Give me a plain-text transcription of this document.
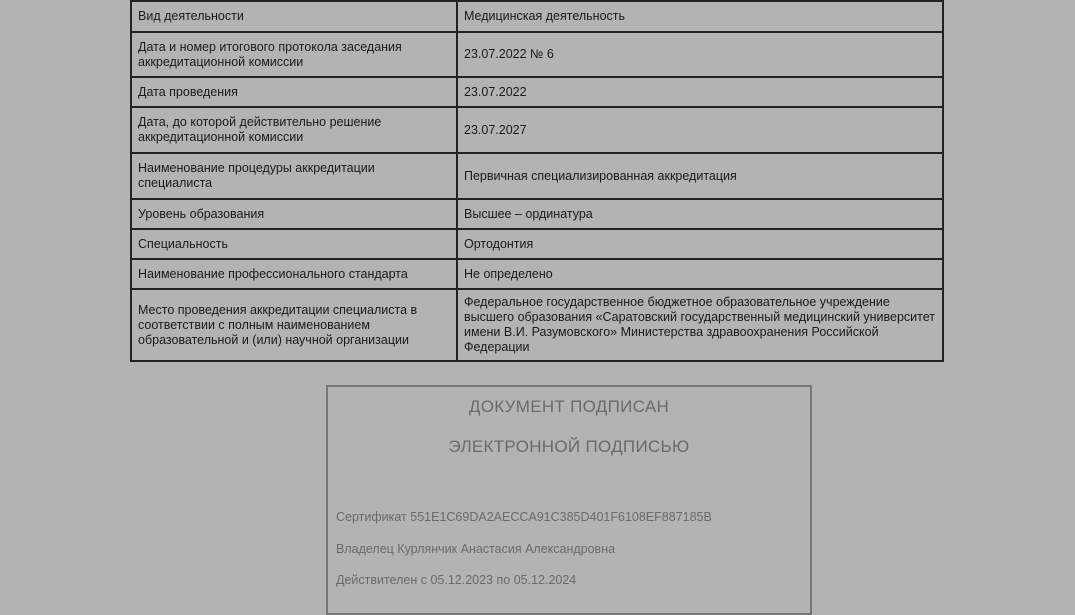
Вид деятельности	Медицинская деятельность
Дата и номер итогового протокола заседания аккредитационной комиссии	23.07.2022 № 6
Дата проведения	23.07.2022
Дата, до которой действительно решение аккредитационной комиссии	23.07.2027
Наименование процедуры аккредитации специалиста	Первичная специализированная аккредитация
Уровень образования	Высшее – ординатура
Специальность	Ортодонтия
Наименование профессионального стандарта	Не определено
Место проведения аккредитации специалиста в соответствии с полным наименованием образовательной и (или) научной организации	Федеральное государственное бюджетное образовательное учреждение высшего образования «Саратовский государственный медицинский университет имени В.И. Разумовского» Министерства здравоохранения Российской Федерации
ДОКУМЕНТ ПОДПИСАН
ЭЛЕКТРОННОЙ ПОДПИСЬЮ
Сертификат 551E1C69DA2AECCA91C385D401F6108EF887185B
Владелец Курлянчик Анастасия Александровна
Действителен с 05.12.2023 по 05.12.2024
